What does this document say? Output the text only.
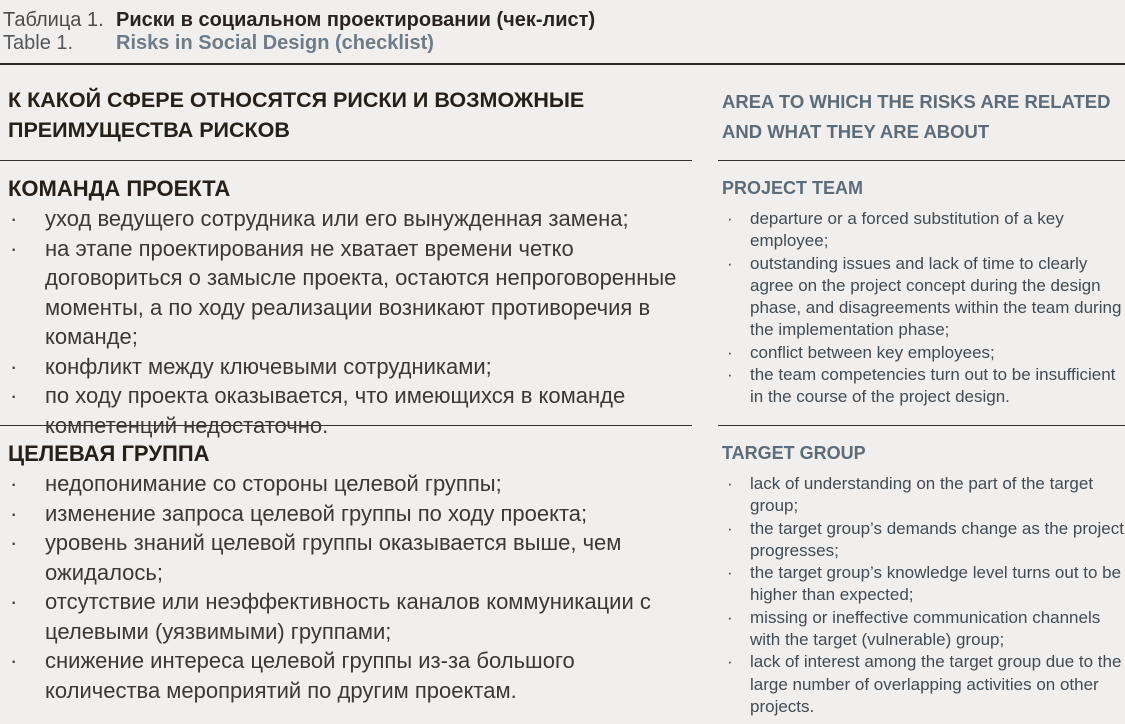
Таблица 1. Риски в социальном проектировании (чек-лист)
Table 1.	Risks in Social Design (checklist)
К КАКОЙ СФЕРЕ ОТНОСЯТСЯ РИСКИ И ВОЗМОЖНЫЕ ПРЕИМУЩЕСТВА РИСКОВ
AREA TO WHICH THE RISKS ARE RELATED AND WHAT THEY ARE ABOUT
КОМАНДА ПРОЕКТА
· уход ведущего сотрудника или его вынужденная замена;
· на этапе проектирования не хватает времени четко договориться о замысле проекта, остаются непроговоренные моменты, а по ходу реализации возникают противоречия в команде;
· конфликт между ключевыми сотрудниками;
· по ходу проекта оказывается, что имеющихся в команде компетенций недостаточно.
PROJECT TEAM
· departure or a forced substitution of a key employee;
· outstanding issues and lack of time to clearly agree on the project concept during the design phase, and disagreements within the team during the implementation phase;
· conflict between key employees;
· the team competencies turn out to be insufficient in the course of the project design.
ЦЕЛЕВАЯ ГРУППА
· недопонимание со стороны целевой группы;
· изменение запроса целевой группы по ходу проекта;
· уровень знаний целевой группы оказывается выше, чем ожидалось;
· отсутствие или неэффективность каналов коммуникации с целевыми (уязвимыми) группами;
· снижение интереса целевой группы из-за большого количества мероприятий по другим проектам.
TARGET GROUP
· lack of understanding on the part of the target group;
· the target group’s demands change as the project progresses;
· the target group’s knowledge level turns out to be higher than expected;
· missing or ineffective communication channels with the target (vulnerable) group;
· lack of interest among the target group due to the large number of overlapping activities on other projects.
